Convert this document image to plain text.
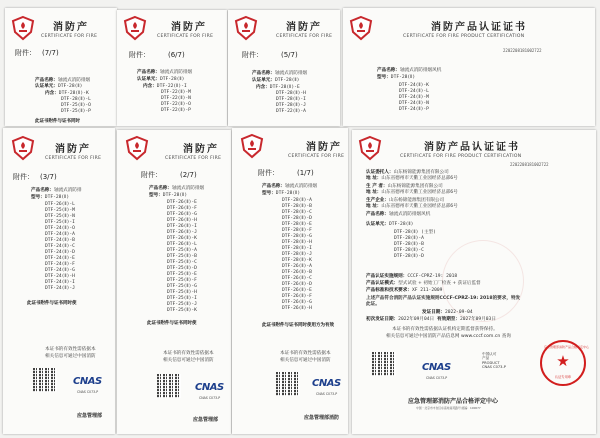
消防产
CERTIFICATE FOR FIRE
附件： (7/7)
产品名称：轴流式消防排烟
认证单元：DTF-28(Ⅱ)
内含：DTF-28(Ⅱ)-K
DTF-28(Ⅱ)-L
DTF-25(Ⅱ)-O
DTF-25(Ⅱ)-P
此证书附件与证书同时
消防产
CERTIFICATE FOR FIRE
附件：	(6/7)
产品名称：轴流式消防排烟
认证单元：DTF-28(Ⅱ)
内含：DTF-22(Ⅱ)-I
DTF-22(Ⅱ)-M
DTF-22(Ⅱ)-N
DTF-22(Ⅱ)-O
DTF-22(Ⅱ)-P
消防产
CERTIFICATE FOR FIRE
附件：	(5/7)
产品名称：轴流式消防排烟
认证单元：DTF-28(Ⅱ)
内含：DTF-28(Ⅱ)-E
DTF-28(Ⅱ)-H
DTF-28(Ⅱ)-I
DTF-28(Ⅱ)-J
DTF-22(Ⅱ)-A
消防产品认证证书
CERTIFICATE FOR FIRE PRODUCT CERTIFICATION
2202208181002722
产品名称：轴流式消防排烟风机
型号：DTF-28(Ⅱ)
DTF-24(Ⅱ)-K
DTF-24(Ⅱ)-L
DTF-24(Ⅱ)-M
DTF-24(Ⅱ)-N
DTF-24(Ⅱ)-P
消防产
CERTIFICATE FOR FIRE
附件： (3/7)
产品名称：轴流式消防排
型号：DTF-28(Ⅱ)
DTF-26(Ⅱ)-L
DTF-25(Ⅱ)-M
DTF-25(Ⅱ)-N
DTF-25(Ⅱ)-I
DTF-24(Ⅱ)-O
DTF-24(Ⅱ)-A
DTF-24(Ⅱ)-B
DTF-24(Ⅱ)-C
DTF-24(Ⅱ)-D
DTF-24(Ⅱ)-E
DTF-24(Ⅱ)-F
DTF-24(Ⅱ)-G
DTF-24(Ⅱ)-H
DTF-24(Ⅱ)-I
DTF-24(Ⅱ)-J
此证书附件与证书同时使
本证书的有效性需依据本
相关信息可通过中国消防
CNAS
CNAS C073-P
应急管理部
消防产
CERTIFICATE FOR FIRE
附件：	(2/7)
产品名称：轴流式消防排烟
型号：DTF-28(Ⅱ)
DTF-26(Ⅱ)-E
DTF-26(Ⅱ)-F
DTF-26(Ⅱ)-G
DTF-26(Ⅱ)-H
DTF-26(Ⅱ)-I
DTF-26(Ⅱ)-J
DTF-26(Ⅱ)-K
DTF-26(Ⅱ)-L
DTF-25(Ⅱ)-A
DTF-25(Ⅱ)-B
DTF-25(Ⅱ)-C
DTF-25(Ⅱ)-D
DTF-25(Ⅱ)-E
DTF-25(Ⅱ)-F
DTF-25(Ⅱ)-G
DTF-25(Ⅱ)-H
DTF-25(Ⅱ)-I
DTF-25(Ⅱ)-J
DTF-25(Ⅱ)-K
此证书附件与证书同时使
本证书的有效性需依据本
相关信息可通过中国消防
CNAS
CNAS C073-P
应急管理部
消防产
CERTIFICATE FOR FIRE
附件：	(1/7)
产品名称：轴流式消防排烟
型号：DTF-28(Ⅱ)
DTF-28(Ⅱ)-A
DTF-28(Ⅱ)-B
DTF-28(Ⅱ)-C
DTF-28(Ⅱ)-D
DTF-28(Ⅱ)-E
DTF-28(Ⅱ)-F
DTF-28(Ⅱ)-G
DTF-28(Ⅱ)-H
DTF-28(Ⅱ)-I
DTF-28(Ⅱ)-J
DTF-28(Ⅱ)-K
DTF-26(Ⅱ)-A
DTF-26(Ⅱ)-B
DTF-26(Ⅱ)-C
DTF-26(Ⅱ)-D
DTF-26(Ⅱ)-E
DTF-26(Ⅱ)-F
DTF-26(Ⅱ)-G
DTF-26(Ⅱ)-H
此证书附件与证书同时使用方为有效
本证书的有效性需依据本
相关信息可通过中国消防
CNAS
CNAS C073-P
应急管理部消防
消防产品认证证书
CERTIFICATE FOR FIRE PRODUCT CERTIFICATION
2202208181002722
认证委托人：山东杨锦能源集团有限公司
地 址：山东省德州市天衢工业园经济总部6号
生 产 者：山东杨锦能源集团有限公司
地 址：山东省德州市天衢工业园经济总部6号
生产企业：山东杨锦能源集团有限公司
地 址：山东省德州市天衢工业园经济总部6号
产品名称：轴流式消防排烟风机
认证单元：DTF-28(Ⅱ)
DTF-28(Ⅱ) (主型)
DTF-28(Ⅱ)-A
DTF-28(Ⅱ)-B
DTF-28(Ⅱ)-C
DTF-28(Ⅱ)-D
产品认证实施规则：CCCF-CPRZ-19: 2018
产品认证模式：型式试验 + 初始工厂检查 + 获证后监督
产品标准和技术要求：XF 211-2009
上述产品符合消防产品认证实施规则CCCF-CPRZ-19: 2018的要求，特发
此证。
发证日期：2022-09-04
初次发证日期：2022年09月04日 有效期至：2027年09月03日
本证书的有效性需依据认证机构定期监督获得保持。
相关信息可通过中国消防产品信息网 www.cccf.com.cn 查询
CNAS
CNAS C073-P
中国认可
产品
PRODUCT
CNAS C073-P
应急管理部消防产品合格评定中心
★
认证专用章
应急管理部消防产品合格评定中心
中国・北京市丰台区东高地南苑路号 邮编：100077
